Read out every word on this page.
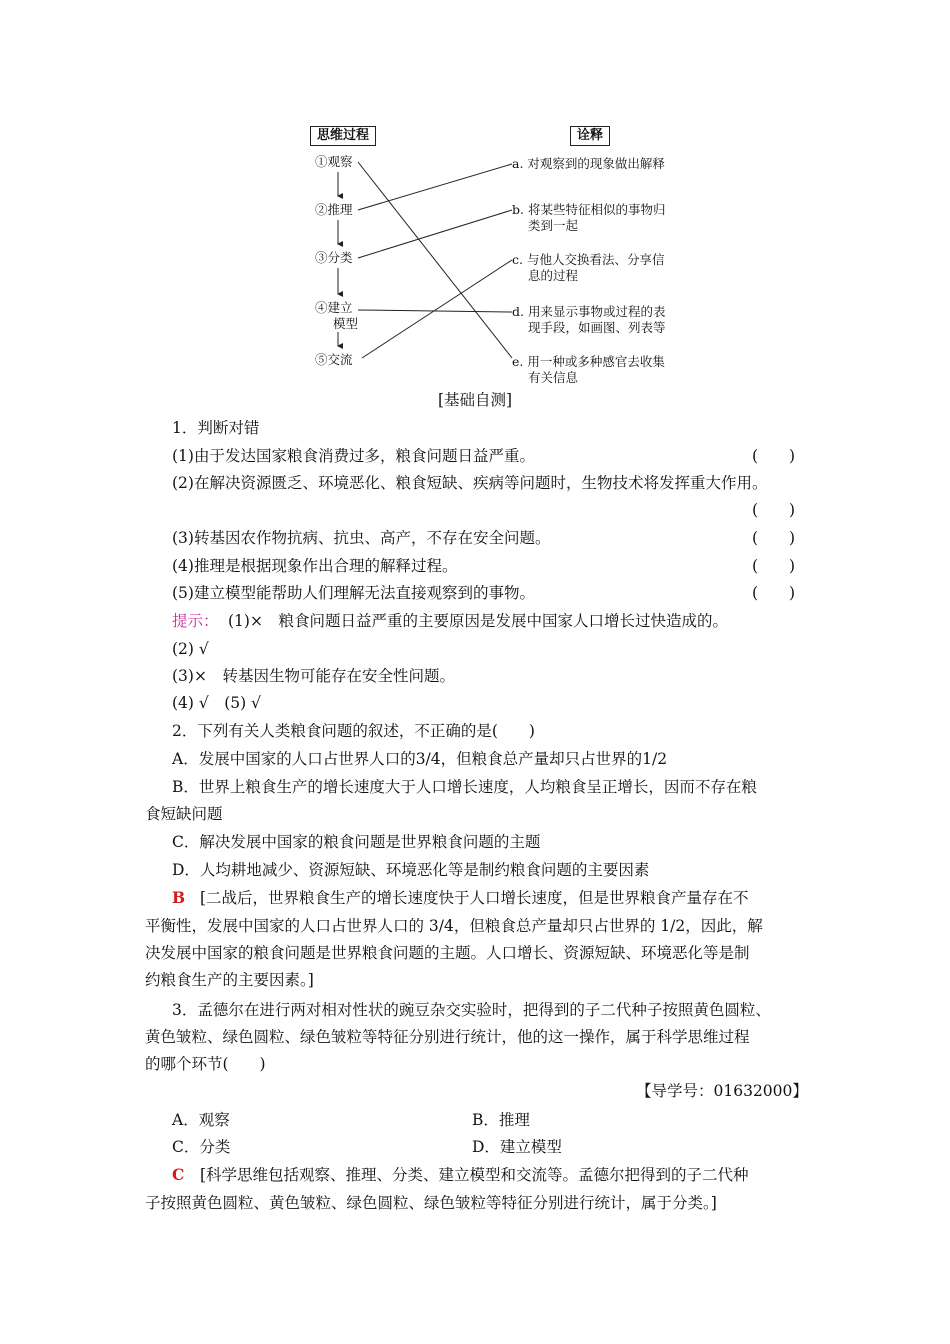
思维过程	诠释
①观察
②推理
③分类
④建立
模型
⑤交流
a. 对观察到的现象做出解释
b. 将某些特征相似的事物归
类到一起
c. 与他人交换看法、分享信
息的过程
d. 用来显示事物或过程的表
现手段，如画图、列表等
e. 用一种或多种感官去收集
有关信息
[基础自测]
1．判断对错
(1)由于发达国家粮食消费过多，粮食问题日益严重。	(　　)
(2)在解决资源匮乏、环境恶化、粮食短缺、疾病等问题时，生物技术将发挥重大作用。
(　　)
(3)转基因农作物抗病、抗虫、高产，不存在安全问题。	(　　)
(4)推理是根据现象作出合理的解释过程。	(　　)
(5)建立模型能帮助人们理解无法直接观察到的事物。	(　　)
提示： (1)×　粮食问题日益严重的主要原因是发展中国家人口增长过快造成的。
(2) √
(3)×　转基因生物可能存在安全性问题。
(4) √　(5) √
2．下列有关人类粮食问题的叙述，不正确的是(　　)
A．发展中国家的人口占世界人口的3/4，但粮食总产量却只占世界的1/2
B．世界上粮食生产的增长速度大于人口增长速度，人均粮食呈正增长，因而不存在粮
食短缺问题
C．解决发展中国家的粮食问题是世界粮食问题的主题
D．人均耕地减少、资源短缺、环境恶化等是制约粮食问题的主要因素
B [二战后，世界粮食生产的增长速度快于人口增长速度，但是世界粮食产量存在不
平衡性，发展中国家的人口占世界人口的 3/4，但粮食总产量却只占世界的 1/2，因此，解
决发展中国家的粮食问题是世界粮食问题的主题。人口增长、资源短缺、环境恶化等是制
约粮食生产的主要因素。]
3．孟德尔在进行两对相对性状的豌豆杂交实验时，把得到的子二代种子按照黄色圆粒、
黄色皱粒、绿色圆粒、绿色皱粒等特征分别进行统计，他的这一操作，属于科学思维过程
的哪个环节(　　)
【导学号：01632000】
A．观察	B．推理
C．分类	D．建立模型
C [科学思维包括观察、推理、分类、建立模型和交流等。孟德尔把得到的子二代种
子按照黄色圆粒、黄色皱粒、绿色圆粒、绿色皱粒等特征分别进行统计，属于分类。]
